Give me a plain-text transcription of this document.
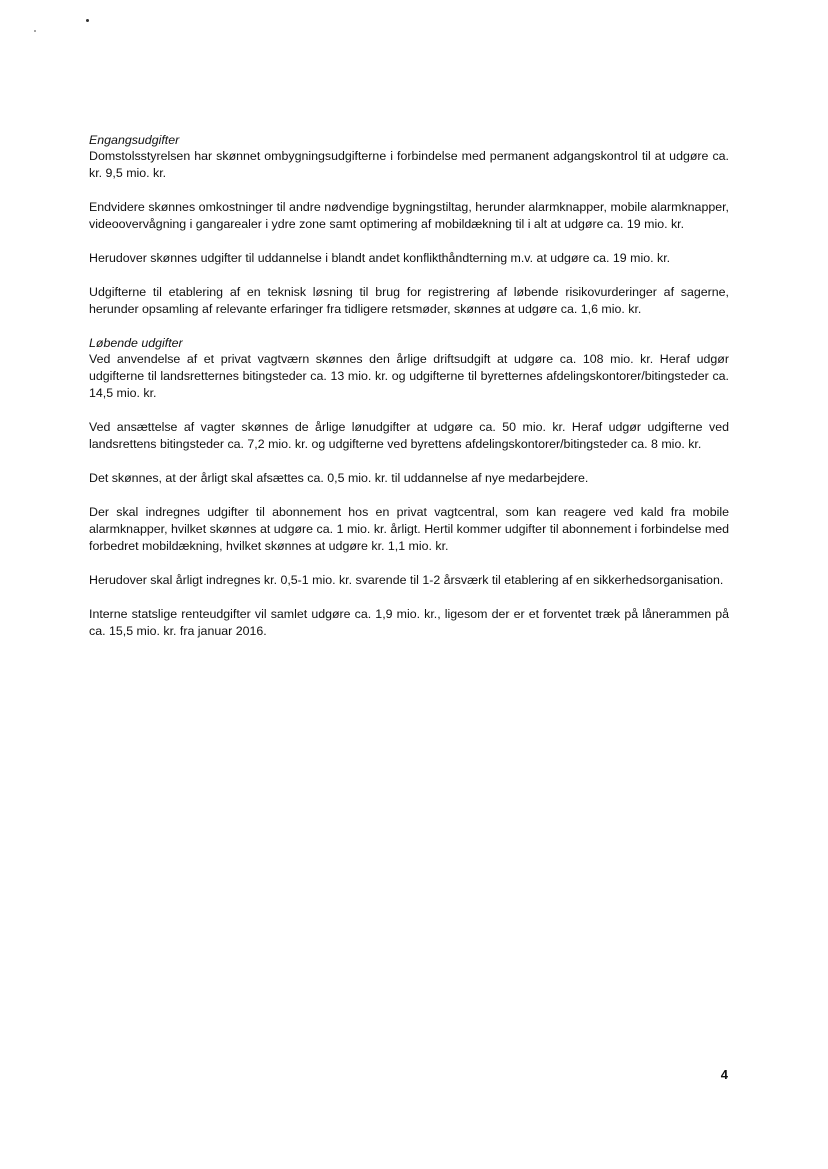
Engangsudgifter

Domstolsstyrelsen har skønnet ombygningsudgifterne i forbindelse med permanent adgangskontrol til at udgøre ca. kr. 9,5 mio. kr.

Endvidere skønnes omkostninger til andre nødvendige bygningstiltag, herunder alarmknapper, mobile alarmknapper, videoovervågning i gangarealer i ydre zone samt optimering af mobildækning til i alt at udgøre ca. 19 mio. kr.

Herudover skønnes udgifter til uddannelse i blandt andet konflikthåndterning m.v. at udgøre ca. 19 mio. kr.

Udgifterne til etablering af en teknisk løsning til brug for registrering af løbende risikovurderinger af sagerne, herunder opsamling af relevante erfaringer fra tidligere retsmøder, skønnes at udgøre ca. 1,6 mio. kr.

Løbende udgifter

Ved anvendelse af et privat vagtværn skønnes den årlige driftsudgift at udgøre ca. 108 mio. kr. Heraf udgør udgifterne til landsretternes bitingsteder ca. 13 mio. kr. og udgifterne til byretternes afdelingskontorer/bitingsteder ca. 14,5 mio. kr.

Ved ansættelse af vagter skønnes de årlige lønudgifter at udgøre ca. 50 mio. kr. Heraf udgør udgifterne ved landsrettens bitingsteder ca. 7,2 mio. kr. og udgifterne ved byrettens afdelingskontorer/bitingsteder ca. 8 mio. kr.

Det skønnes, at der årligt skal afsættes ca. 0,5 mio. kr. til uddannelse af nye medarbejdere.

Der skal indregnes udgifter til abonnement hos en privat vagtcentral, som kan reagere ved kald fra mobile alarmknapper, hvilket skønnes at udgøre ca. 1 mio. kr. årligt. Hertil kommer udgifter til abonnement i forbindelse med forbedret mobildækning, hvilket skønnes at udgøre kr. 1,1 mio. kr.

Herudover skal årligt indregnes kr. 0,5-1 mio. kr. svarende til 1-2 årsværk til etablering af en sikkerhedsorganisation.

Interne statslige renteudgifter vil samlet udgøre ca. 1,9 mio. kr., ligesom der er et forventet træk på lånerammen på ca. 15,5 mio. kr. fra januar 2016.

4
